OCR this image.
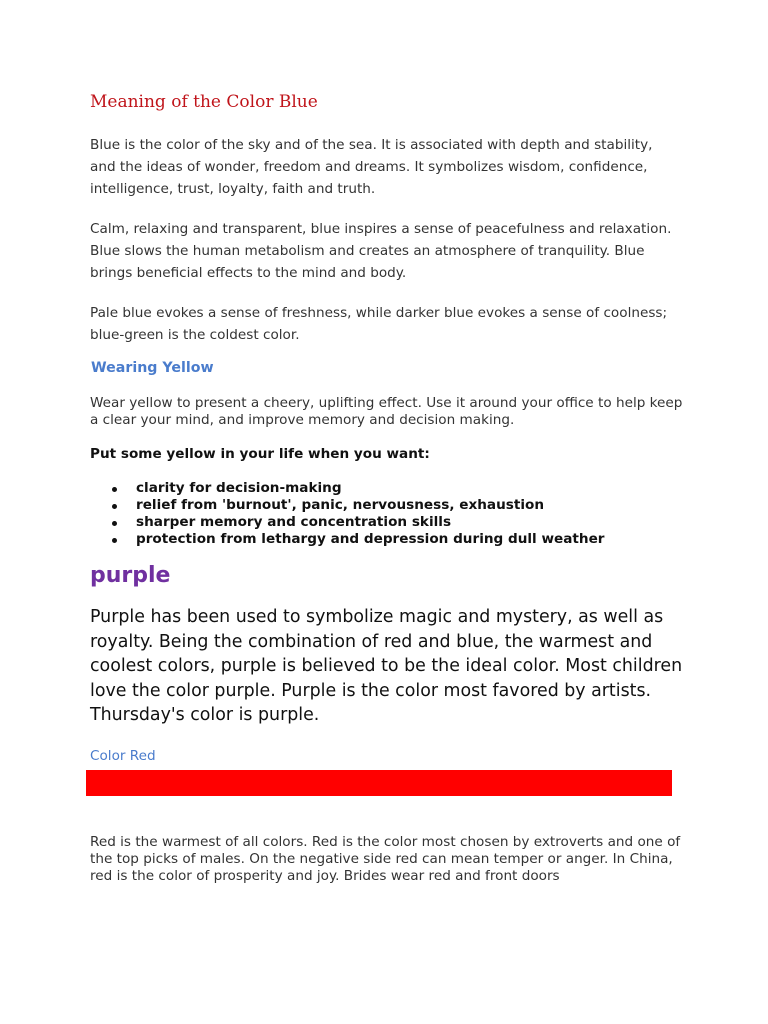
Meaning of the Color Blue

Blue is the color of the sky and of the sea. It is associated with depth and stability, and the ideas of wonder, freedom and dreams. It symbolizes wisdom, confidence, intelligence, trust, loyalty, faith and truth.

Calm, relaxing and transparent, blue inspires a sense of peacefulness and relaxation. Blue slows the human metabolism and creates an atmosphere of tranquility. Blue brings beneficial effects to the mind and body.

Pale blue evokes a sense of freshness, while darker blue evokes a sense of coolness; blue-green is the coldest color.

Wearing Yellow

Wear yellow to present a cheery, uplifting effect. Use it around your office to help keep a clear your mind, and improve memory and decision making.

Put some yellow in your life when you want:

clarity for decision-making
relief from 'burnout', panic, nervousness, exhaustion
sharper memory and concentration skills
protection from lethargy and depression during dull weather
purple

Purple has been used to symbolize magic and mystery, as well as royalty. Being the combination of red and blue, the warmest and coolest colors, purple is believed to be the ideal color. Most children love the color purple. Purple is the color most favored by artists. Thursday's color is purple.

Color Red

Red is the warmest of all colors. Red is the color most chosen by extroverts and one of the top picks of males. On the negative side red can mean temper or anger. In China, red is the color of prosperity and joy. Brides wear red and front doors
